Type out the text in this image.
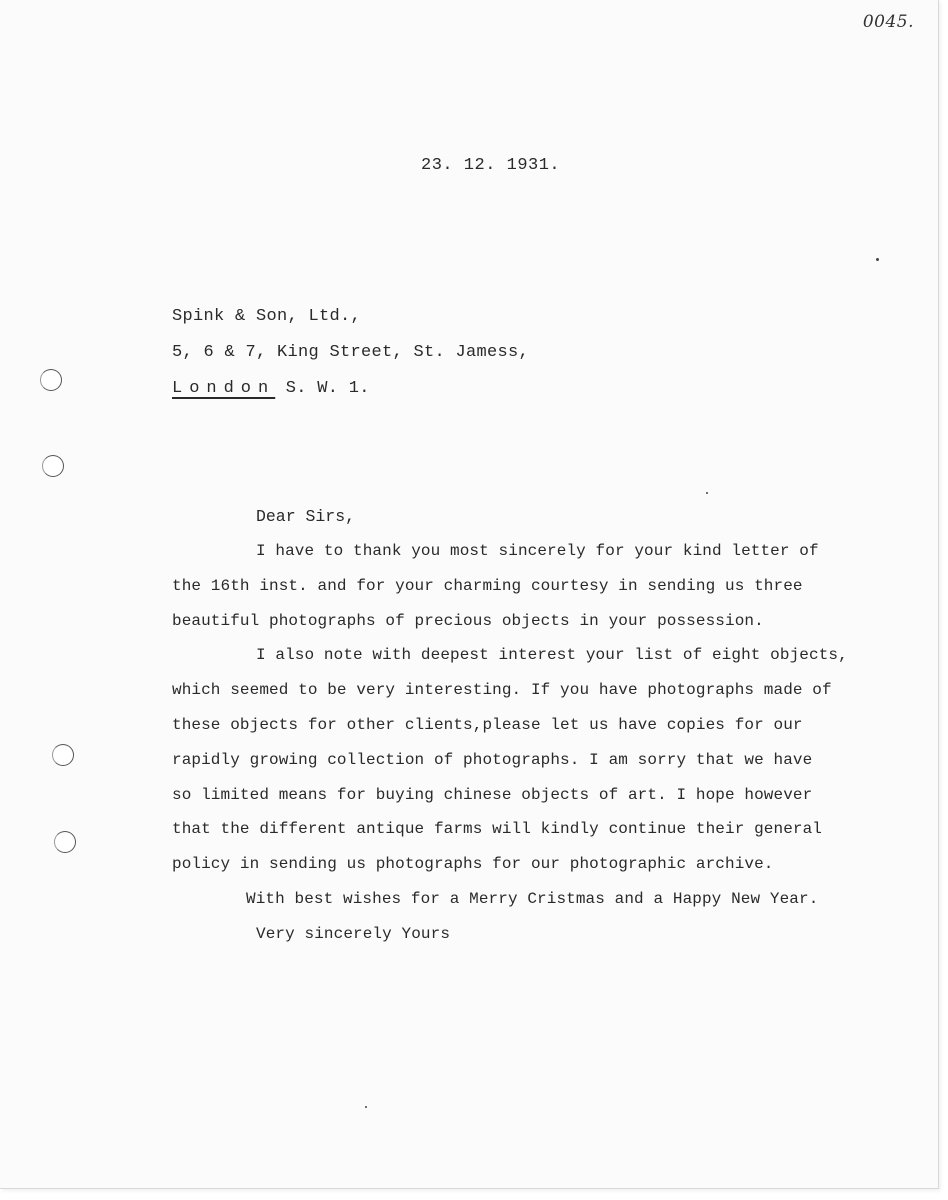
0045.
23. 12. 1931.
Spink & Son, Ltd.,
5, 6 & 7, King Street, St. Jamess,
London S. W. 1.
Dear Sirs,
I have to thank you most sincerely for your kind letter of
the 16th inst. and for your charming courtesy in sending us three
beautiful photographs of precious objects in your possession.
I also note with deepest interest your list of eight objects,
which seemed to be very interesting. If you have photographs made of
these objects for other clients,please let us have copies for our
rapidly growing collection of photographs. I am sorry that we have
so limited means for buying chinese objects of art. I hope however
that the different antique farms will kindly continue their general
policy in sending us photographs for our photographic archive.
With best wishes for a Merry Cristmas and a Happy New Year.
Very sincerely Yours
